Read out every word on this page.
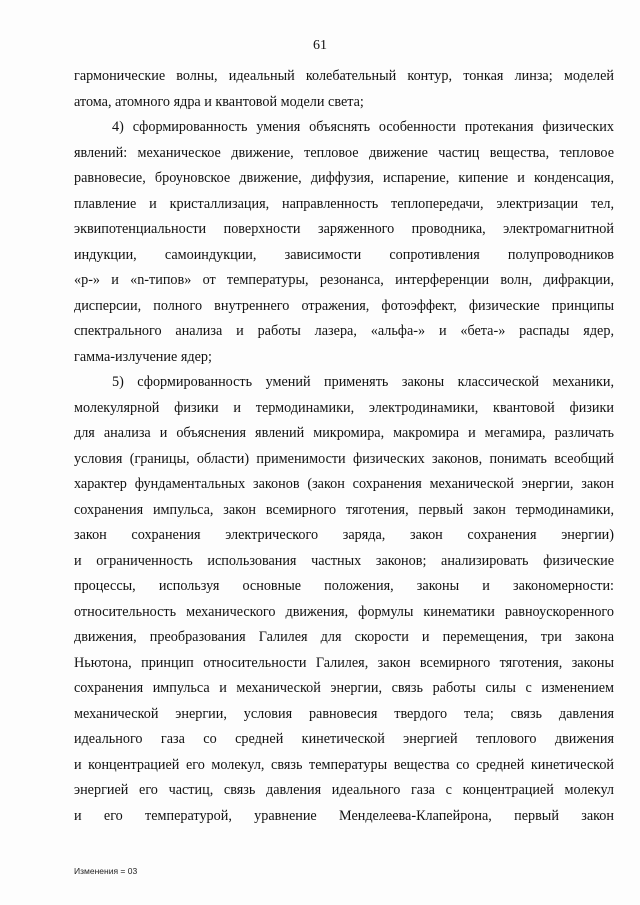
61
гармонические волны, идеальный колебательный контур, тонкая линза; моделей
атома, атомного ядра и квантовой модели света;
4) сформированность умения объяснять особенности протекания физических
явлений: механическое движение, тепловое движение частиц вещества, тепловое
равновесие, броуновское движение, диффузия, испарение, кипение и конденсация,
плавление и кристаллизация, направленность теплопередачи, электризации тел,
эквипотенциальности поверхности заряженного проводника, электромагнитной
индукции, самоиндукции, зависимости сопротивления полупроводников
«р-» и «n-типов» от температуры, резонанса, интерференции волн, дифракции,
дисперсии, полного внутреннего отражения, фотоэффект, физические принципы
спектрального анализа и работы лазера, «альфа-» и «бета-» распады ядер,
гамма-излучение ядер;
5) сформированность умений применять законы классической механики,
молекулярной физики и термодинамики, электродинамики, квантовой физики
для анализа и объяснения явлений микромира, макромира и мегамира, различать
условия (границы, области) применимости физических законов, понимать всеобщий
характер фундаментальных законов (закон сохранения механической энергии, закон
сохранения импульса, закон всемирного тяготения, первый закон термодинамики,
закон сохранения электрического заряда, закон сохранения энергии)
и ограниченность использования частных законов; анализировать физические
процессы, используя основные положения, законы и закономерности:
относительность механического движения, формулы кинематики равноускоренного
движения, преобразования Галилея для скорости и перемещения, три закона
Ньютона, принцип относительности Галилея, закон всемирного тяготения, законы
сохранения импульса и механической энергии, связь работы силы с изменением
механической энергии, условия равновесия твердого тела; связь давления
идеального газа со средней кинетической энергией теплового движения
и концентрацией его молекул, связь температуры вещества со средней кинетической
энергией его частиц, связь давления идеального газа с концентрацией молекул
и его температурой, уравнение Менделеева-Клапейрона, первый закон
Изменения = 03
